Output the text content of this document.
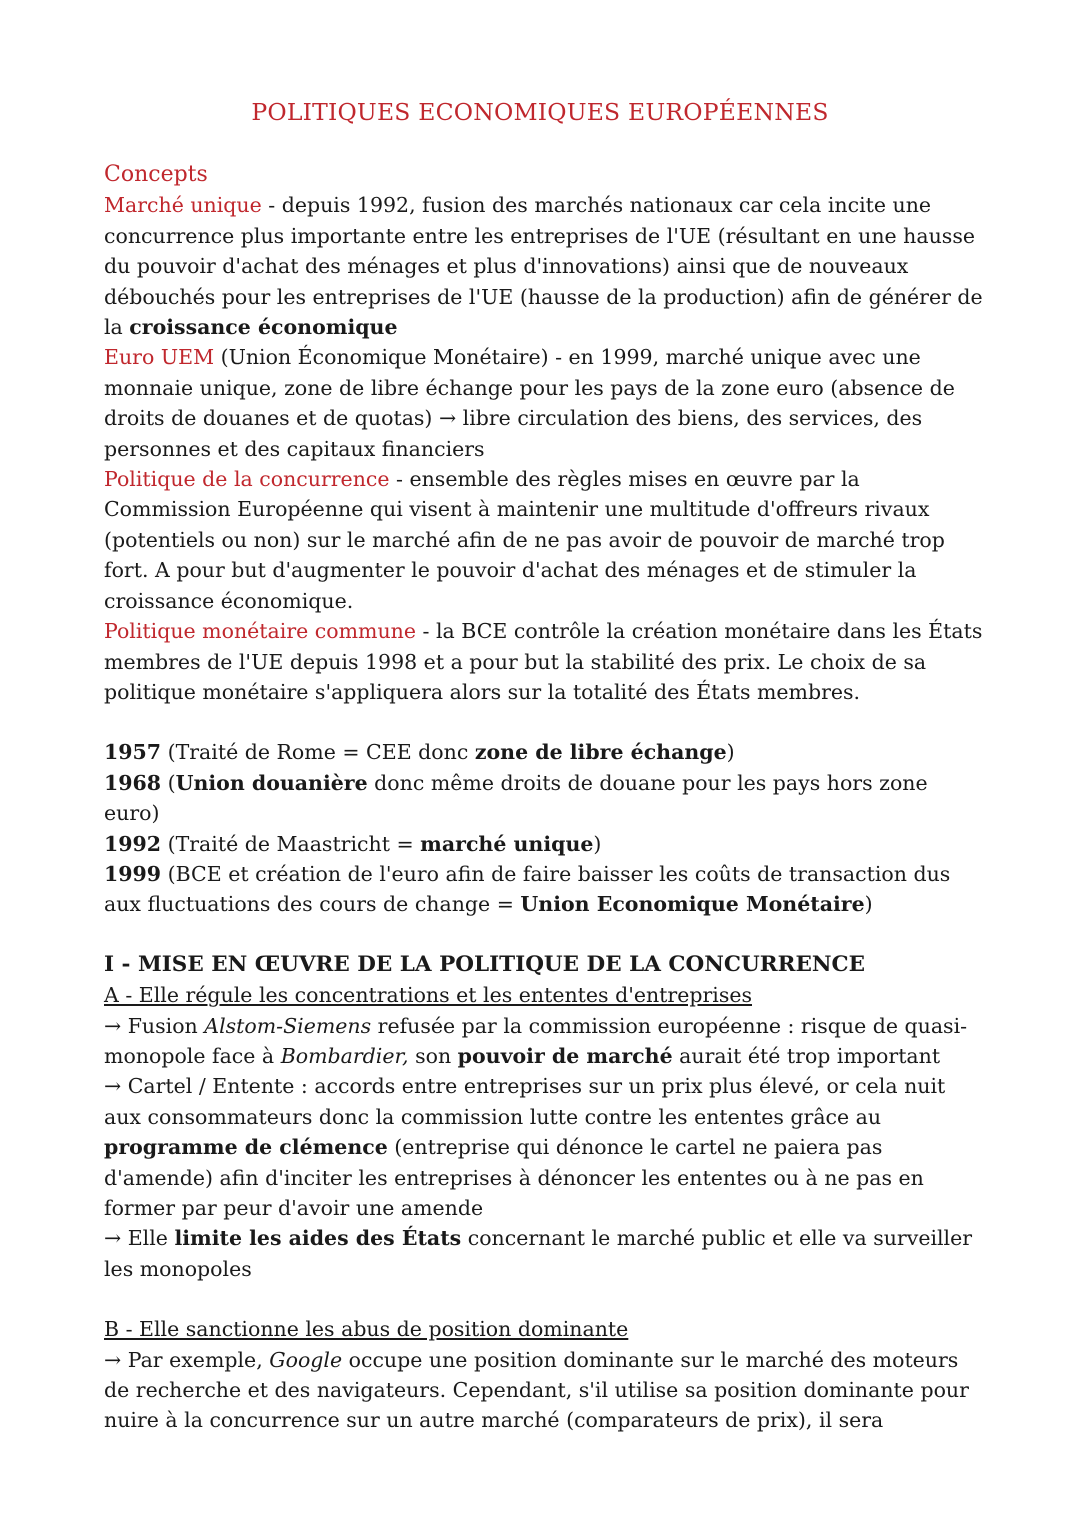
POLITIQUES ECONOMIQUES EUROPÉENNES

Concepts

Marché unique - depuis 1992, fusion des marchés nationaux car cela incite une concurrence plus importante entre les entreprises de l'UE (résultant en une hausse du pouvoir d'achat des ménages et plus d'innovations) ainsi que de nouveaux débouchés pour les entreprises de l'UE (hausse de la production) afin de générer de la croissance économique

Euro UEM (Union Économique Monétaire) - en 1999, marché unique avec une monnaie unique, zone de libre échange pour les pays de la zone euro (absence de droits de douanes et de quotas) → libre circulation des biens, des services, des personnes et des capitaux financiers

Politique de la concurrence - ensemble des règles mises en œuvre par la Commission Européenne qui visent à maintenir une multitude d'offreurs rivaux (potentiels ou non) sur le marché afin de ne pas avoir de pouvoir de marché trop fort. A pour but d'augmenter le pouvoir d'achat des ménages et de stimuler la croissance économique.

Politique monétaire commune - la BCE contrôle la création monétaire dans les États membres de l'UE depuis 1998 et a pour but la stabilité des prix. Le choix de sa politique monétaire s'appliquera alors sur la totalité des États membres.

1957 (Traité de Rome = CEE donc zone de libre échange)

1968 (Union douanière donc même droits de douane pour les pays hors zone euro)

1992 (Traité de Maastricht = marché unique)

1999 (BCE et création de l'euro afin de faire baisser les coûts de transaction dus aux fluctuations des cours de change = Union Economique Monétaire)

I - MISE EN ŒUVRE DE LA POLITIQUE DE LA CONCURRENCE

A - Elle régule les concentrations et les ententes d'entreprises

→ Fusion Alstom-Siemens refusée par la commission européenne : risque de quasi-monopole face à Bombardier, son pouvoir de marché aurait été trop important

→ Cartel / Entente : accords entre entreprises sur un prix plus élevé, or cela nuit aux consommateurs donc la commission lutte contre les ententes grâce au programme de clémence (entreprise qui dénonce le cartel ne paiera pas d'amende) afin d'inciter les entreprises à dénoncer les ententes ou à ne pas en former par peur d'avoir une amende

→ Elle limite les aides des États concernant le marché public et elle va surveiller les monopoles

B - Elle sanctionne les abus de position dominante

→ Par exemple, Google occupe une position dominante sur le marché des moteurs de recherche et des navigateurs. Cependant, s'il utilise sa position dominante pour nuire à la concurrence sur un autre marché (comparateurs de prix), il sera
